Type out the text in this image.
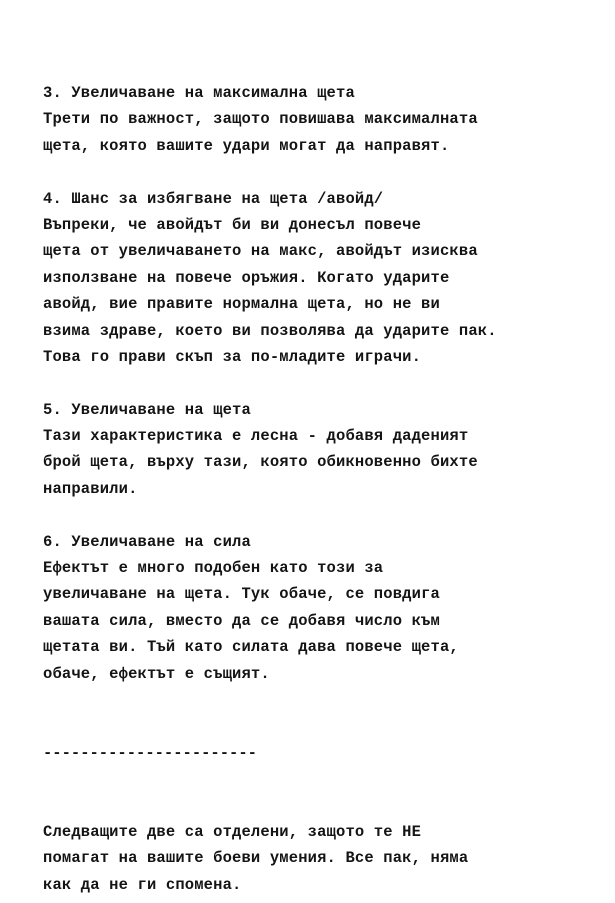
3. Увеличаване на максимална щета
Трети по важност, защото повишава максималната
щета, която вашите удари могат да направят.
4. Шанс за избягване на щета /авойд/
Въпреки, че авойдът би ви донесъл повече
щета от увеличаването на макс, авойдът изисква
използване на повече оръжия. Когато ударите
авойд, вие правите нормална щета, но не ви
взима здраве, което ви позволява да ударите пак.
Това го прави скъп за по-младите играчи.
5. Увеличаване на щета
Тази характеристика е лесна - добавя даденият
брой щета, върху тази, която обикновенно бихте
направили.
6. Увеличаване на сила
Ефектът е много подобен като този за
увеличаване на щета. Тук обаче, се повдига
вашата сила, вместо да се добавя число към
щетата ви. Тъй като силата дава повече щета,
обаче, ефектът е същият.
-----------------------
Следващите две са отделени, защото те НЕ
помагат на вашите боеви умения. Все пак, няма
как да не ги спомена.
